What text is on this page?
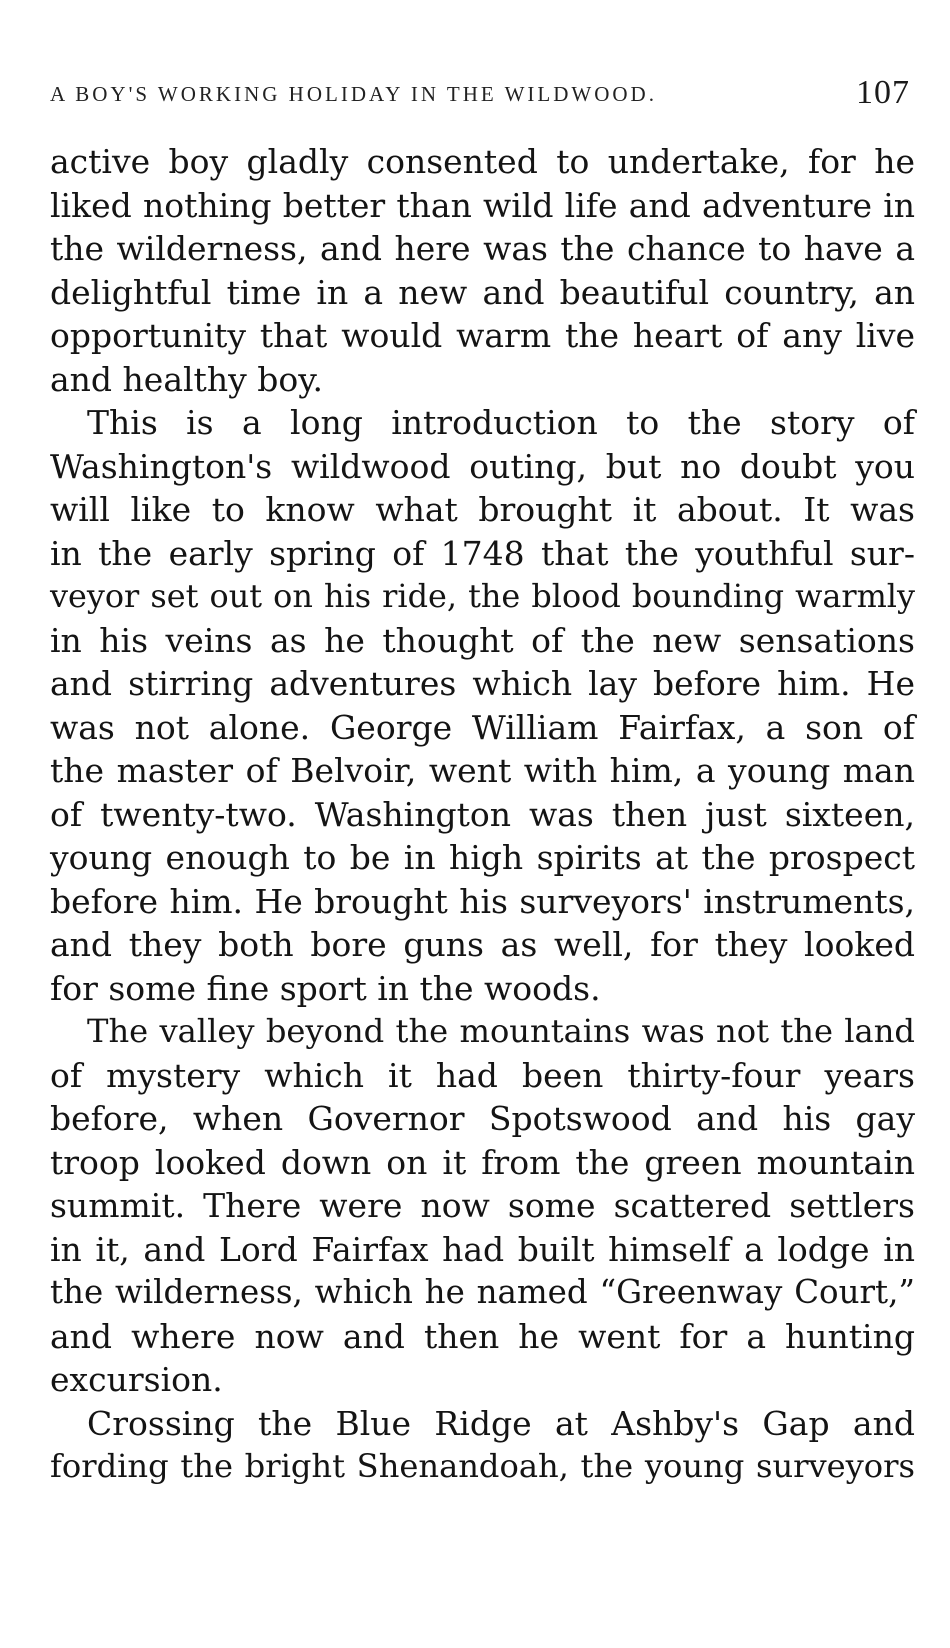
A BOY'S WORKING HOLIDAY IN THE WILDWOOD.	107
active boy gladly consented to undertake, for he
liked nothing better than wild life and adventure in
the wilderness, and here was the chance to have a
delightful time in a new and beautiful country, an
opportunity that would warm the heart of any live
and healthy boy.
This is a long introduction to the story of
Washington's wildwood outing, but no doubt you
will like to know what brought it about. It was
in the early spring of 1748 that the youthful sur-
veyor set out on his ride, the blood bounding warmly
in his veins as he thought of the new sensations
and stirring adventures which lay before him. He
was not alone. George William Fairfax, a son of
the master of Belvoir, went with him, a young man
of twenty-two. Washington was then just sixteen,
young enough to be in high spirits at the prospect
before him. He brought his surveyors' instruments,
and they both bore guns as well, for they looked
for some fine sport in the woods.
The valley beyond the mountains was not the land
of mystery which it had been thirty-four years
before, when Governor Spotswood and his gay
troop looked down on it from the green mountain
summit. There were now some scattered settlers
in it, and Lord Fairfax had built himself a lodge in
the wilderness, which he named “Greenway Court,”
and where now and then he went for a hunting
excursion.
Crossing the Blue Ridge at Ashby's Gap and
fording the bright Shenandoah, the young surveyors
